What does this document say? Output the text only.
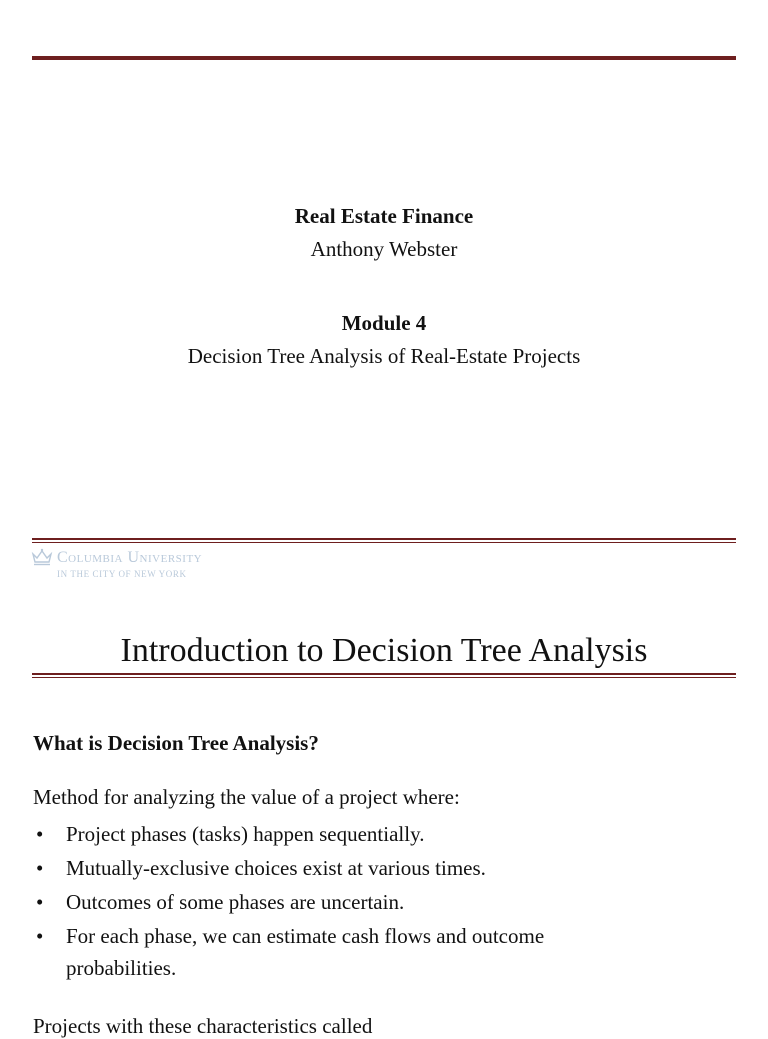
Real Estate Finance
Anthony Webster
Module 4
Decision Tree Analysis of Real-Estate Projects
Columbia University
IN THE CITY OF NEW YORK
Introduction to Decision Tree Analysis
What is Decision Tree Analysis?
Method for analyzing the value of a project where:
• Project phases (tasks) happen sequentially.
• Mutually-exclusive choices exist at various times.
• Outcomes of some phases are uncertain.
• For each phase, we can estimate cash flows and outcome probabilities.
Projects with these characteristics called
